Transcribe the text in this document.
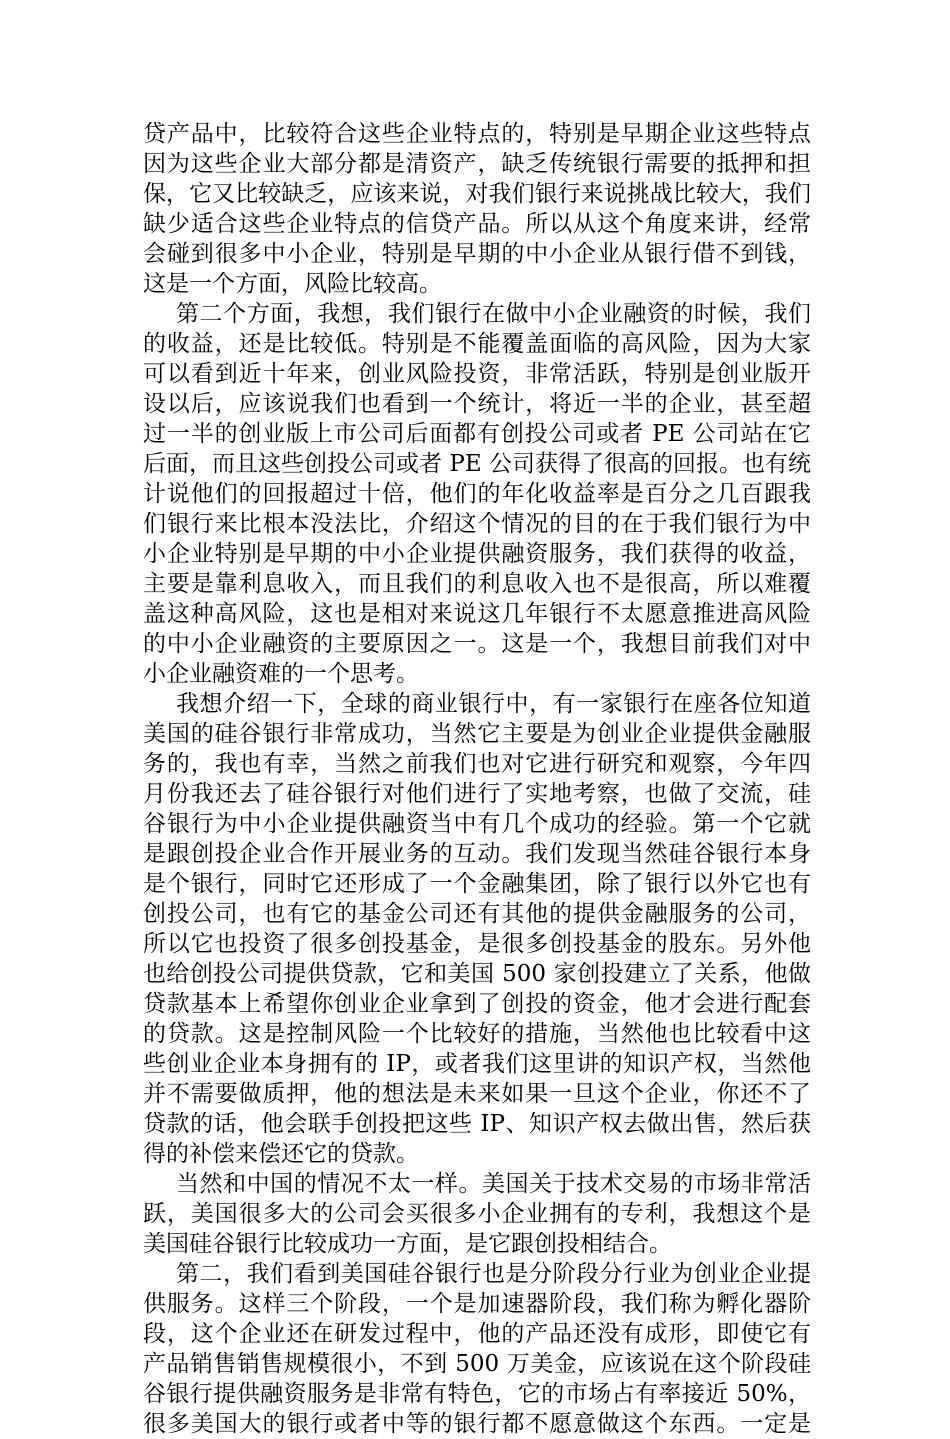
贷产品中，比较符合这些企业特点的，特别是早期企业这些特点
因为这些企业大部分都是清资产，缺乏传统银行需要的抵押和担
保，它又比较缺乏，应该来说，对我们银行来说挑战比较大，我们
缺少适合这些企业特点的信贷产品。所以从这个角度来讲，经常
会碰到很多中小企业，特别是早期的中小企业从银行借不到钱，
这是一个方面，风险比较高。
第二个方面，我想，我们银行在做中小企业融资的时候，我们
的收益，还是比较低。特别是不能覆盖面临的高风险，因为大家
可以看到近十年来，创业风险投资，非常活跃，特别是创业版开
设以后，应该说我们也看到一个统计，将近一半的企业，甚至超
过一半的创业版上市公司后面都有创投公司或者 PE 公司站在它
后面，而且这些创投公司或者 PE 公司获得了很高的回报。也有统
计说他们的回报超过十倍，他们的年化收益率是百分之几百跟我
们银行来比根本没法比，介绍这个情况的目的在于我们银行为中
小企业特别是早期的中小企业提供融资服务，我们获得的收益，
主要是靠利息收入，而且我们的利息收入也不是很高，所以难覆
盖这种高风险，这也是相对来说这几年银行不太愿意推进高风险
的中小企业融资的主要原因之一。这是一个，我想目前我们对中
小企业融资难的一个思考。
我想介绍一下，全球的商业银行中，有一家银行在座各位知道
美国的硅谷银行非常成功，当然它主要是为创业企业提供金融服
务的，我也有幸，当然之前我们也对它进行研究和观察，今年四
月份我还去了硅谷银行对他们进行了实地考察，也做了交流，硅
谷银行为中小企业提供融资当中有几个成功的经验。第一个它就
是跟创投企业合作开展业务的互动。我们发现当然硅谷银行本身
是个银行，同时它还形成了一个金融集团，除了银行以外它也有
创投公司，也有它的基金公司还有其他的提供金融服务的公司，
所以它也投资了很多创投基金，是很多创投基金的股东。另外他
也给创投公司提供贷款，它和美国 500 家创投建立了关系，他做
贷款基本上希望你创业企业拿到了创投的资金，他才会进行配套
的贷款。这是控制风险一个比较好的措施，当然他也比较看中这
些创业企业本身拥有的 IP，或者我们这里讲的知识产权，当然他
并不需要做质押，他的想法是未来如果一旦这个企业，你还不了
贷款的话，他会联手创投把这些 IP、知识产权去做出售，然后获
得的补偿来偿还它的贷款。
当然和中国的情况不太一样。美国关于技术交易的市场非常活
跃，美国很多大的公司会买很多小企业拥有的专利，我想这个是
美国硅谷银行比较成功一方面，是它跟创投相结合。
第二，我们看到美国硅谷银行也是分阶段分行业为创业企业提
供服务。这样三个阶段，一个是加速器阶段，我们称为孵化器阶
段，这个企业还在研发过程中，他的产品还没有成形，即使它有
产品销售销售规模很小，不到 500 万美金，应该说在这个阶段硅
谷银行提供融资服务是非常有特色，它的市场占有率接近 50%，
很多美国大的银行或者中等的银行都不愿意做这个东西。一定是
